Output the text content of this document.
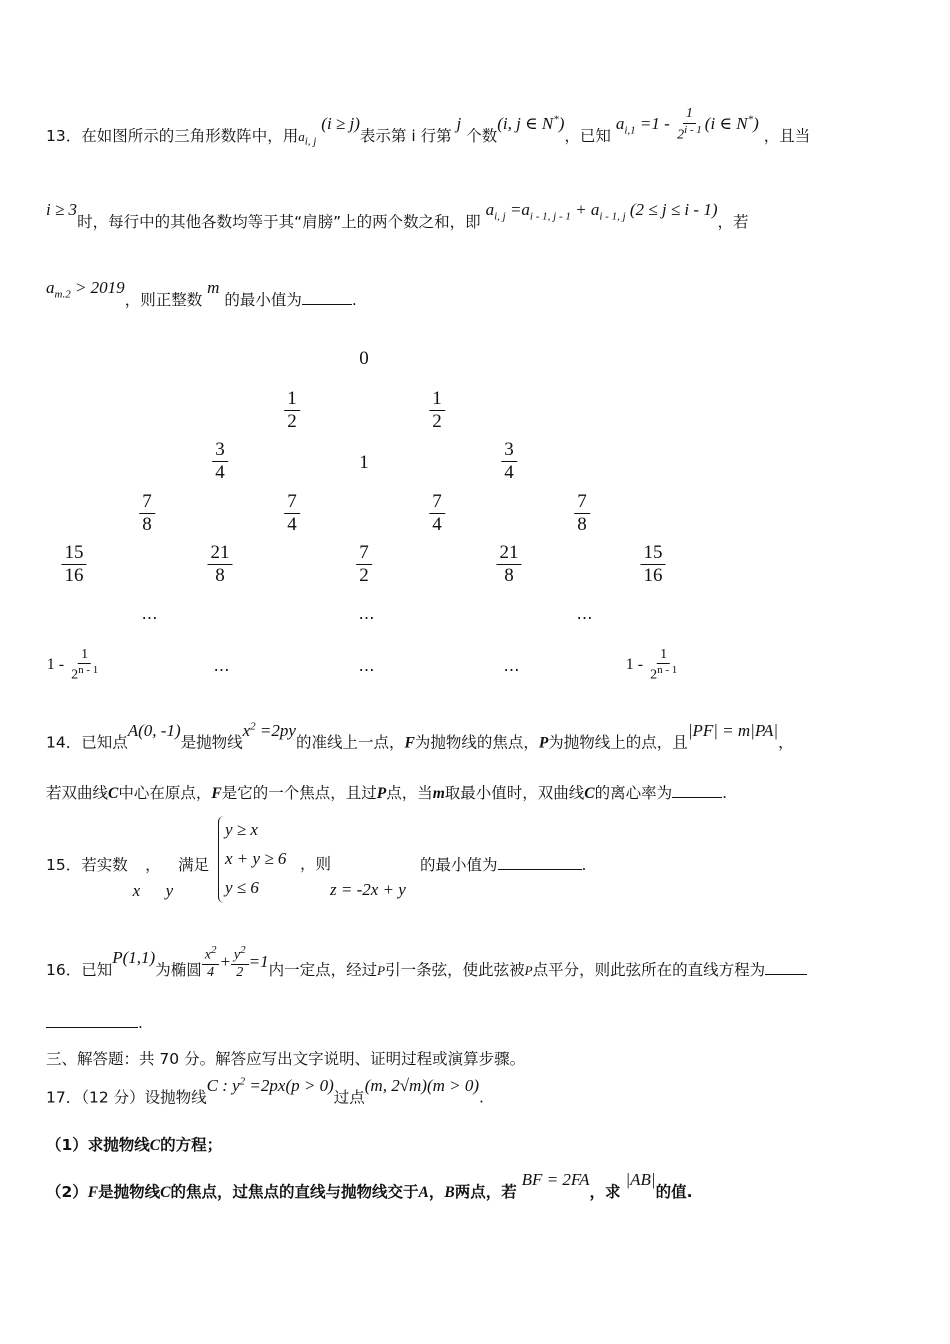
13．在如图所示的三角形数阵中，用$a_{i, j}$ (i ≥ j)表示第 i 行第 j 个数(i, j ∈ N*)，已知 $a_{i,1} =1 - \frac{1}{2^{i - 1}} (i$ ∈ N*) ，且当
i ≥ 3时，每行中的其他各数均等于其“肩膀”上的两个数之和，即 $a_{i, j} =a_{i - 1, j - 1} + a_{i - 1, j}$ (2 ≤ j ≤ i - 1)，若
$a_{m.2} > 2019$，则正整数 m 的最小值为	.
0
$\frac{1}{2}$	$\frac{1}{2}$
$\frac{3}{4}$	1	$\frac{3}{4}$
$\frac{7}{8}$	$\frac{7}{4}$	$\frac{7}{4}$	$\frac{7}{8}$
$\frac{15}{16}$	$\frac{21}{8}$	$\frac{7}{2}$	$\frac{21}{8}$	$\frac{15}{16}$
…	…	…
$1 - \frac{1}{2^{n - 1}}$	…	…	…	$1 - \frac{1}{2^{n - 1}}$
14．已知点A(0, -1)是抛物线$x^2 =2py$的准线上一点，F为抛物线的焦点，P为抛物线上的点，且|PF| = m|PA|，
若双曲线C中心在原点，F是它的一个焦点，且过P点，当m取最小值时，双曲线C的离心率为	.
15．若实数 x ， y 满足
y ≥ x
x + y ≥ 6
y ≤ 6
，则
z = -2x + y
的最小值为	.
16．已知P(1,1)为椭圆 $\frac{x^2}{4} + \frac{y^2}{2} =1$内一定点，经过P引一条弦，使此弦被P点平分，则此弦所在的直线方程为
.
三、解答题：共 70 分。解答应写出文字说明、证明过程或演算步骤。
17．（12 分）设抛物线C : $y^2 =2px(p > 0)$过点(m, 2√m)(m > 0).
（1）求抛物线C的方程；
（2）F是抛物线C的焦点，过焦点的直线与抛物线交于A，B两点，若 BF = 2FA，求 |AB|的值.
